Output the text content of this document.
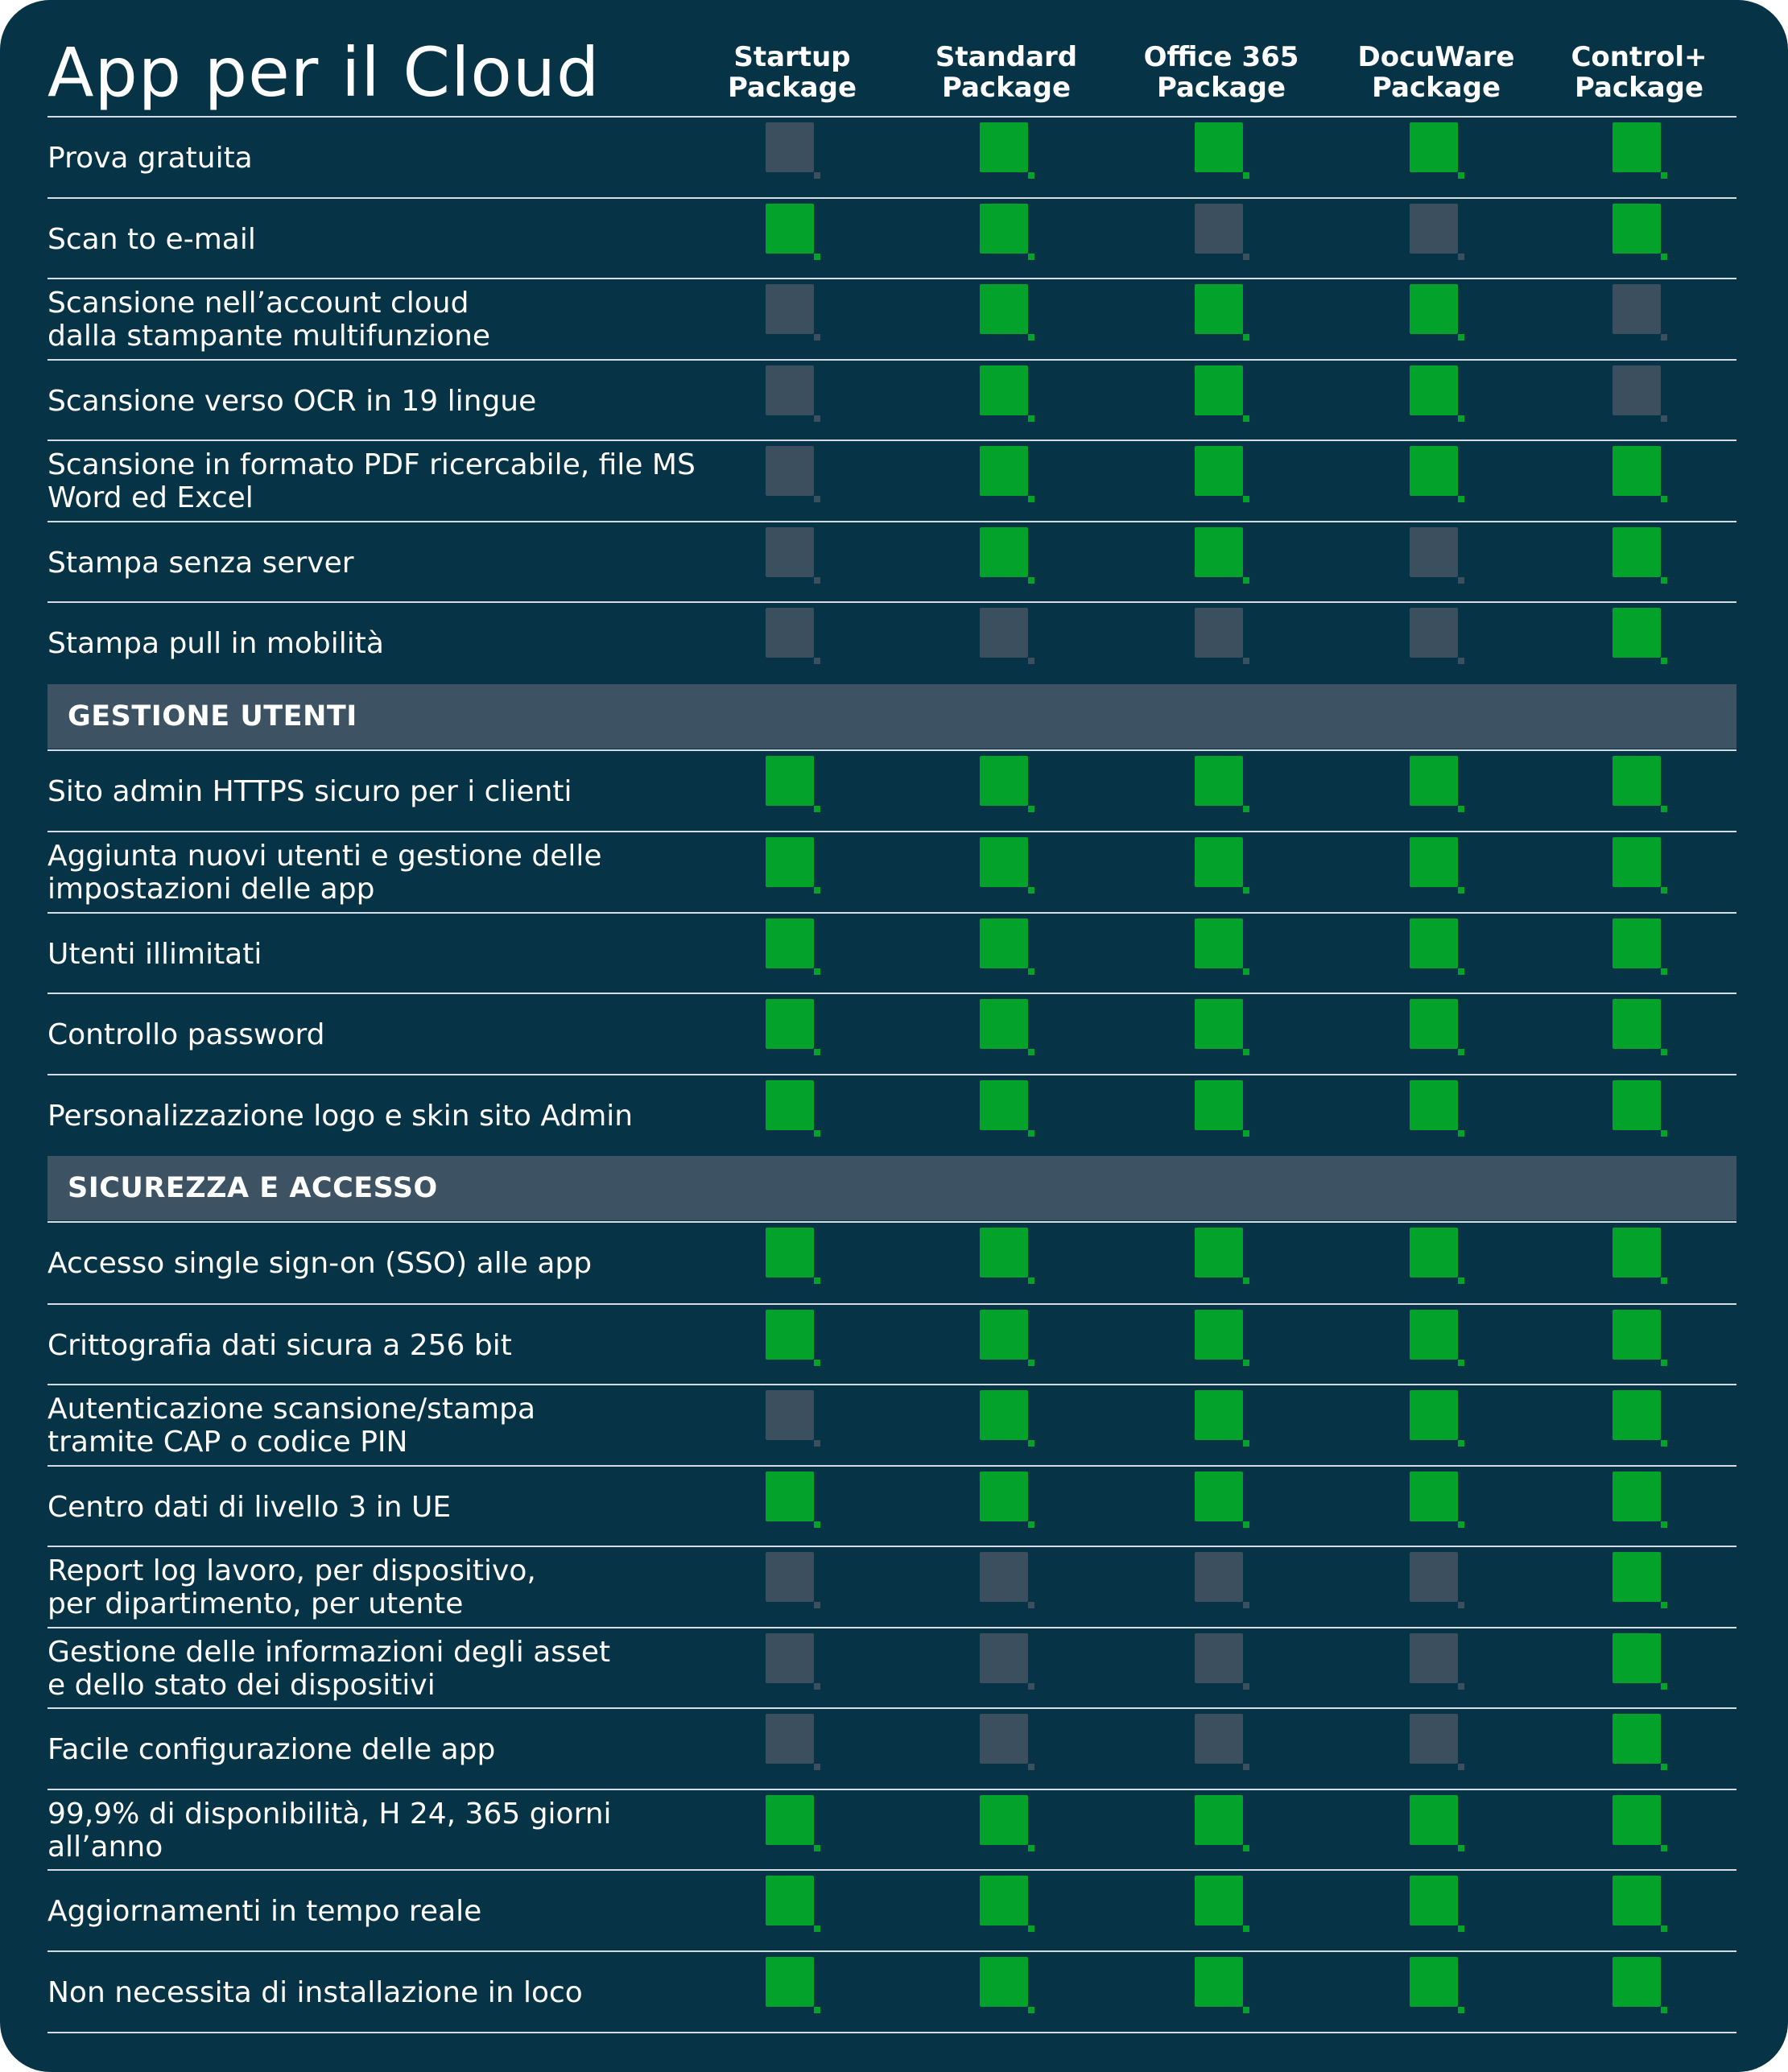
App per il Cloud	Startup
Package
Standard
Package
Office 365
Package
DocuWare
Package
Control+
Package
Prova gratuita
Scan to e-mail
Scansione nell’account cloud
dalla stampante multifunzione
Scansione verso OCR in 19 lingue
Scansione in formato PDF ricercabile, file MS
Word ed Excel
Stampa senza server
Stampa pull in mobilità
GESTIONE UTENTI
Sito admin HTTPS sicuro per i clienti
Aggiunta nuovi utenti e gestione delle
impostazioni delle app
Utenti illimitati
Controllo password
Personalizzazione logo e skin sito Admin
SICUREZZA E ACCESSO
Accesso single sign-on (SSO) alle app
Crittografia dati sicura a 256 bit
Autenticazione scansione/stampa
tramite CAP o codice PIN
Centro dati di livello 3 in UE
Report log lavoro, per dispositivo,
per dipartimento, per utente
Gestione delle informazioni degli asset
e dello stato dei dispositivi
Facile configurazione delle app
99,9% di disponibilità, H 24, 365 giorni
all’anno
Aggiornamenti in tempo reale
Non necessita di installazione in loco
